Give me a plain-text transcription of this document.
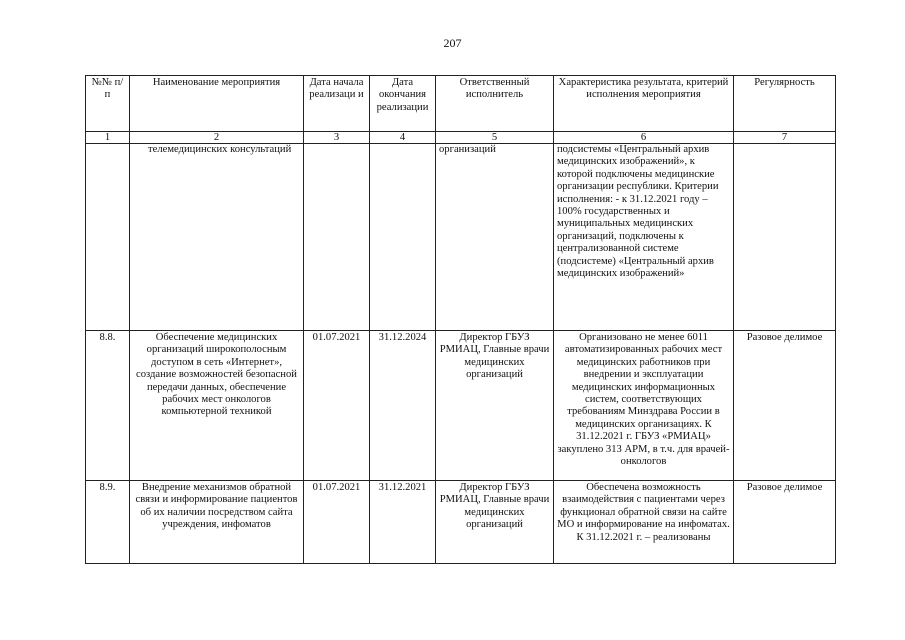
207
№№ п/п	Наименование мероприятия	Дата начала реализаци и	Дата окончания реализации	Ответственный исполнитель	Характеристика результата, критерий исполнения мероприятия	Регулярность
1	2	3	4	5	6	7
	телемедицинских консультаций			организаций	подсистемы «Центральный архив медицинских изображений», к которой подключены медицинские организации республики. Критерии исполнения: - к 31.12.2021 году – 100% государственных и муниципальных медицинских организаций, подключены к централизованной системе (подсистеме) «Центральный архив медицинских изображений»	
8.8.	Обеспечение медицинских организаций широкополосным доступом в сеть «Интернет», создание возможностей безопасной передачи данных, обеспечение рабочих мест онкологов компьютерной техникой	01.07.2021	31.12.2024	Директор ГБУЗ РМИАЦ, Главные врачи медицинских организаций	Организовано не менее 6011 автоматизированных рабочих мест медицинских работников при внедрении и эксплуатации медицинских информационных систем, соответствующих требованиям Минздрава России в медицинских организациях. К 31.12.2021 г. ГБУЗ «РМИАЦ» закуплено 313 АРМ, в т.ч. для врачей-онкологов	Разовое делимое
8.9.	Внедрение механизмов обратной связи и информирование пациентов об их наличии посредством сайта учреждения, инфоматов	01.07.2021	31.12.2021	Директор ГБУЗ РМИАЦ, Главные врачи медицинских организаций	Обеспечена возможность взаимодействия с пациентами через функционал обратной связи на сайте МО и информирование на инфоматах. К 31.12.2021 г. – реализованы	Разовое делимое
